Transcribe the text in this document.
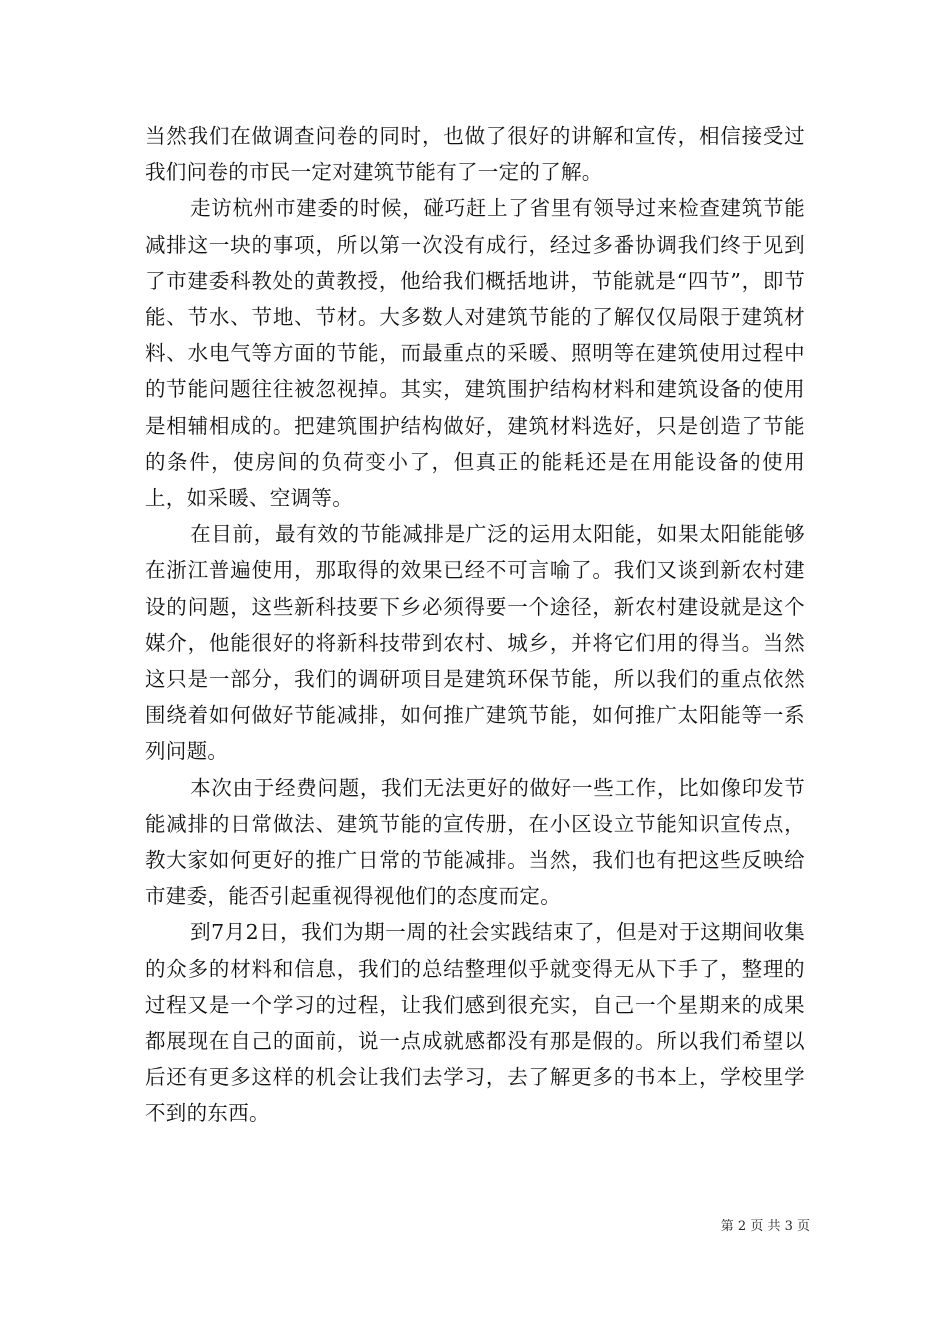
当然我们在做调查问卷的同时，也做了很好的讲解和宣传，相信接受过我们问卷的市民一定对建筑节能有了一定的了解。

走访杭州市建委的时候，碰巧赶上了省里有领导过来检查建筑节能减排这一块的事项，所以第一次没有成行，经过多番协调我们终于见到了市建委科教处的黄教授，他给我们概括地讲，节能就是“四节”，即节能、节水、节地、节材。大多数人对建筑节能的了解仅仅局限于建筑材料、水电气等方面的节能，而最重点的采暖、照明等在建筑使用过程中的节能问题往往被忽视掉。其实，建筑围护结构材料和建筑设备的使用是相辅相成的。把建筑围护结构做好，建筑材料选好，只是创造了节能的条件，使房间的负荷变小了，但真正的能耗还是在用能设备的使用上，如采暖、空调等。

在目前，最有效的节能减排是广泛的运用太阳能，如果太阳能能够在浙江普遍使用，那取得的效果已经不可言喻了。我们又谈到新农村建设的问题，这些新科技要下乡必须得要一个途径，新农村建设就是这个媒介，他能很好的将新科技带到农村、城乡，并将它们用的得当。当然这只是一部分，我们的调研项目是建筑环保节能，所以我们的重点依然围绕着如何做好节能减排，如何推广建筑节能，如何推广太阳能等一系列问题。

本次由于经费问题，我们无法更好的做好一些工作，比如像印发节能减排的日常做法、建筑节能的宣传册，在小区设立节能知识宣传点，教大家如何更好的推广日常的节能减排。当然，我们也有把这些反映给市建委，能否引起重视得视他们的态度而定。

到7月2日，我们为期一周的社会实践结束了，但是对于这期间收集的众多的材料和信息，我们的总结整理似乎就变得无从下手了，整理的过程又是一个学习的过程，让我们感到很充实，自己一个星期来的成果都展现在自己的面前，说一点成就感都没有那是假的。所以我们希望以后还有更多这样的机会让我们去学习，去了解更多的书本上，学校里学不到的东西。

第 2 页 共 3 页
